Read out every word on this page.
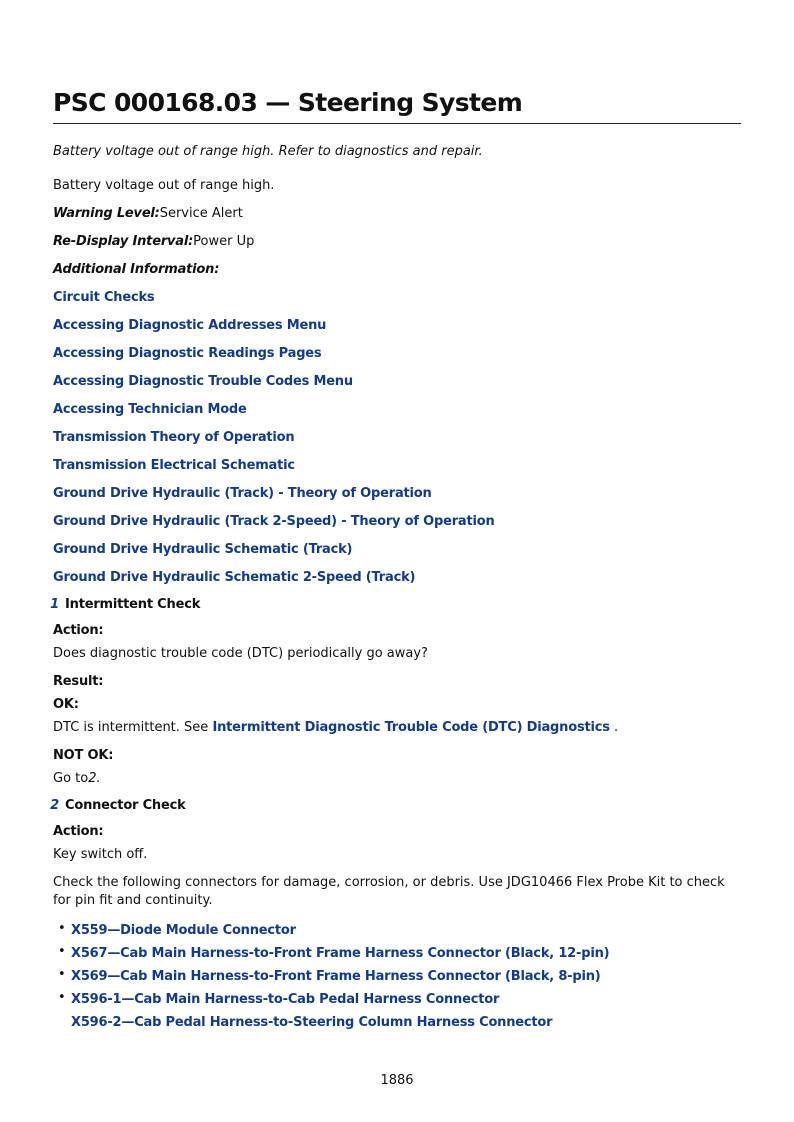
PSC 000168.03 — Steering System
Battery voltage out of range high. Refer to diagnostics and repair.
Battery voltage out of range high.
Warning Level:Service Alert
Re-Display Interval:Power Up
Additional Information:
Circuit Checks
Accessing Diagnostic Addresses Menu
Accessing Diagnostic Readings Pages
Accessing Diagnostic Trouble Codes Menu
Accessing Technician Mode
Transmission Theory of Operation
Transmission Electrical Schematic
Ground Drive Hydraulic (Track) - Theory of Operation
Ground Drive Hydraulic (Track 2-Speed) - Theory of Operation
Ground Drive Hydraulic Schematic (Track)
Ground Drive Hydraulic Schematic 2-Speed (Track)
1 Intermittent Check
Action:
Does diagnostic trouble code (DTC) periodically go away?
Result:
OK:
DTC is intermittent. See Intermittent Diagnostic Trouble Code (DTC) Diagnostics .
NOT OK:
Go to2.
2 Connector Check
Action:
Key switch off.
Check the following connectors for damage, corrosion, or debris. Use JDG10466 Flex Probe Kit to check for pin fit and continuity.
• X559—Diode Module Connector
• X567—Cab Main Harness-to-Front Frame Harness Connector (Black, 12-pin)
• X569—Cab Main Harness-to-Front Frame Harness Connector (Black, 8-pin)
• X596-1—Cab Main Harness-to-Cab Pedal Harness Connector
X596-2—Cab Pedal Harness-to-Steering Column Harness Connector
1886
